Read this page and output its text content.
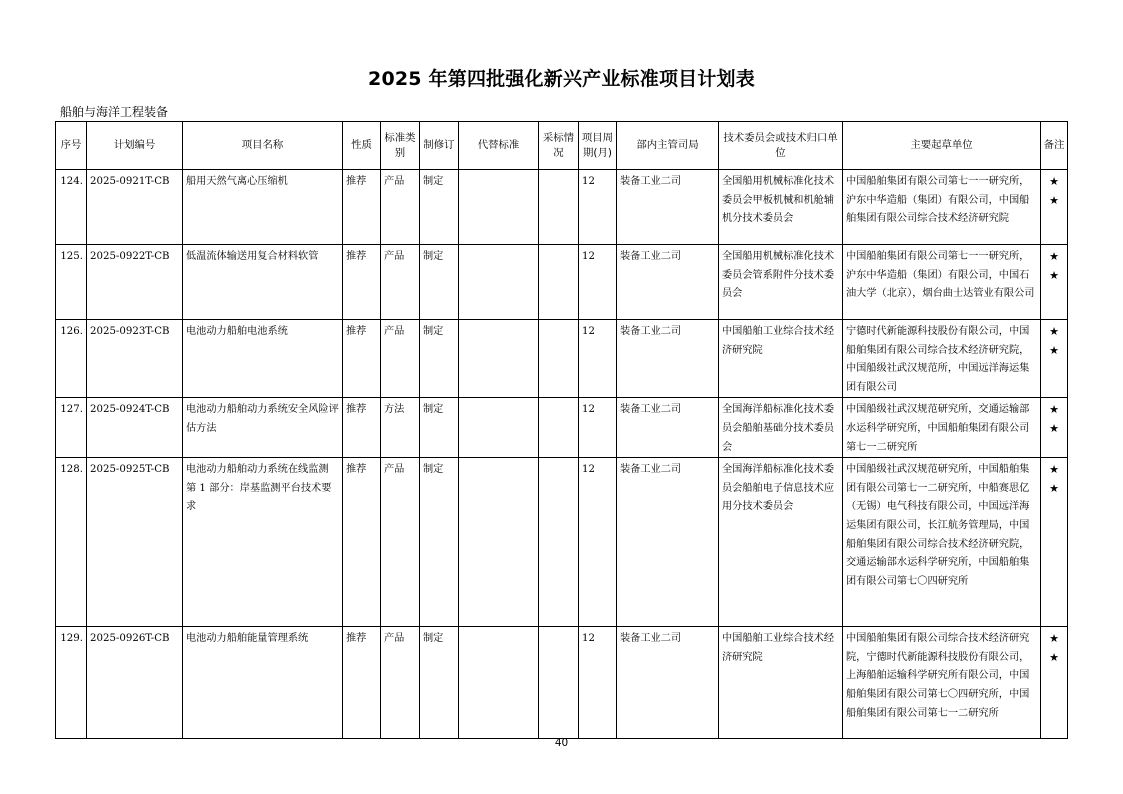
2025 年第四批强化新兴产业标准项目计划表
船舶与海洋工程装备
序号	计划编号	项目名称	性质	标准类别	制修订	代替标准	采标情况	项目周期(月)	部内主管司局	技术委员会或技术归口单位	主要起草单位	备注
124.	2025-0921T-CB	船用天然气离心压缩机	推荐	产品	制定			12	装备工业二司	全国船用机械标准化技术委员会甲板机械和机舱辅机分技术委员会	中国船舶集团有限公司第七一一研究所，沪东中华造船（集团）有限公司，中国船舶集团有限公司综合技术经济研究院	★
★

125.	2025-0922T-CB	低温流体输送用复合材料软管	推荐	产品	制定			12	装备工业二司	全国船用机械标准化技术委员会管系附件分技术委员会	中国船舶集团有限公司第七一一研究所，沪东中华造船（集团）有限公司，中国石油大学（北京），烟台曲士达管业有限公司	★
★

126.	2025-0923T-CB	电池动力船舶电池系统	推荐	产品	制定			12	装备工业二司	中国船舶工业综合技术经济研究院	宁德时代新能源科技股份有限公司，中国船舶集团有限公司综合技术经济研究院，中国船级社武汉规范所，中国远洋海运集团有限公司	★
★

127.	2025-0924T-CB	电池动力船舶动力系统安全风险评估方法	推荐	方法	制定			12	装备工业二司	全国海洋船标准化技术委员会船舶基础分技术委员会	中国船级社武汉规范研究所，交通运输部水运科学研究所，中国船舶集团有限公司第七一二研究所	★
★

128.	2025-0925T-CB	电池动力船舶动力系统在线监测 第 1 部分：岸基监测平台技术要求	推荐	产品	制定			12	装备工业二司	全国海洋船标准化技术委员会船舶电子信息技术应用分技术委员会	中国船级社武汉规范研究所，中国船舶集团有限公司第七一二研究所，中船赛思亿（无锡）电气科技有限公司，中国远洋海运集团有限公司，长江航务管理局，中国船舶集团有限公司综合技术经济研究院，交通运输部水运科学研究所，中国船舶集团有限公司第七〇四研究所	★
★

129.	2025-0926T-CB	电池动力船舶能量管理系统	推荐	产品	制定			12	装备工业二司	中国船舶工业综合技术经济研究院	中国船舶集团有限公司综合技术经济研究院，宁德时代新能源科技股份有限公司，上海船舶运输科学研究所有限公司，中国船舶集团有限公司第七〇四研究所，中国船舶集团有限公司第七一二研究所	★
★
40
